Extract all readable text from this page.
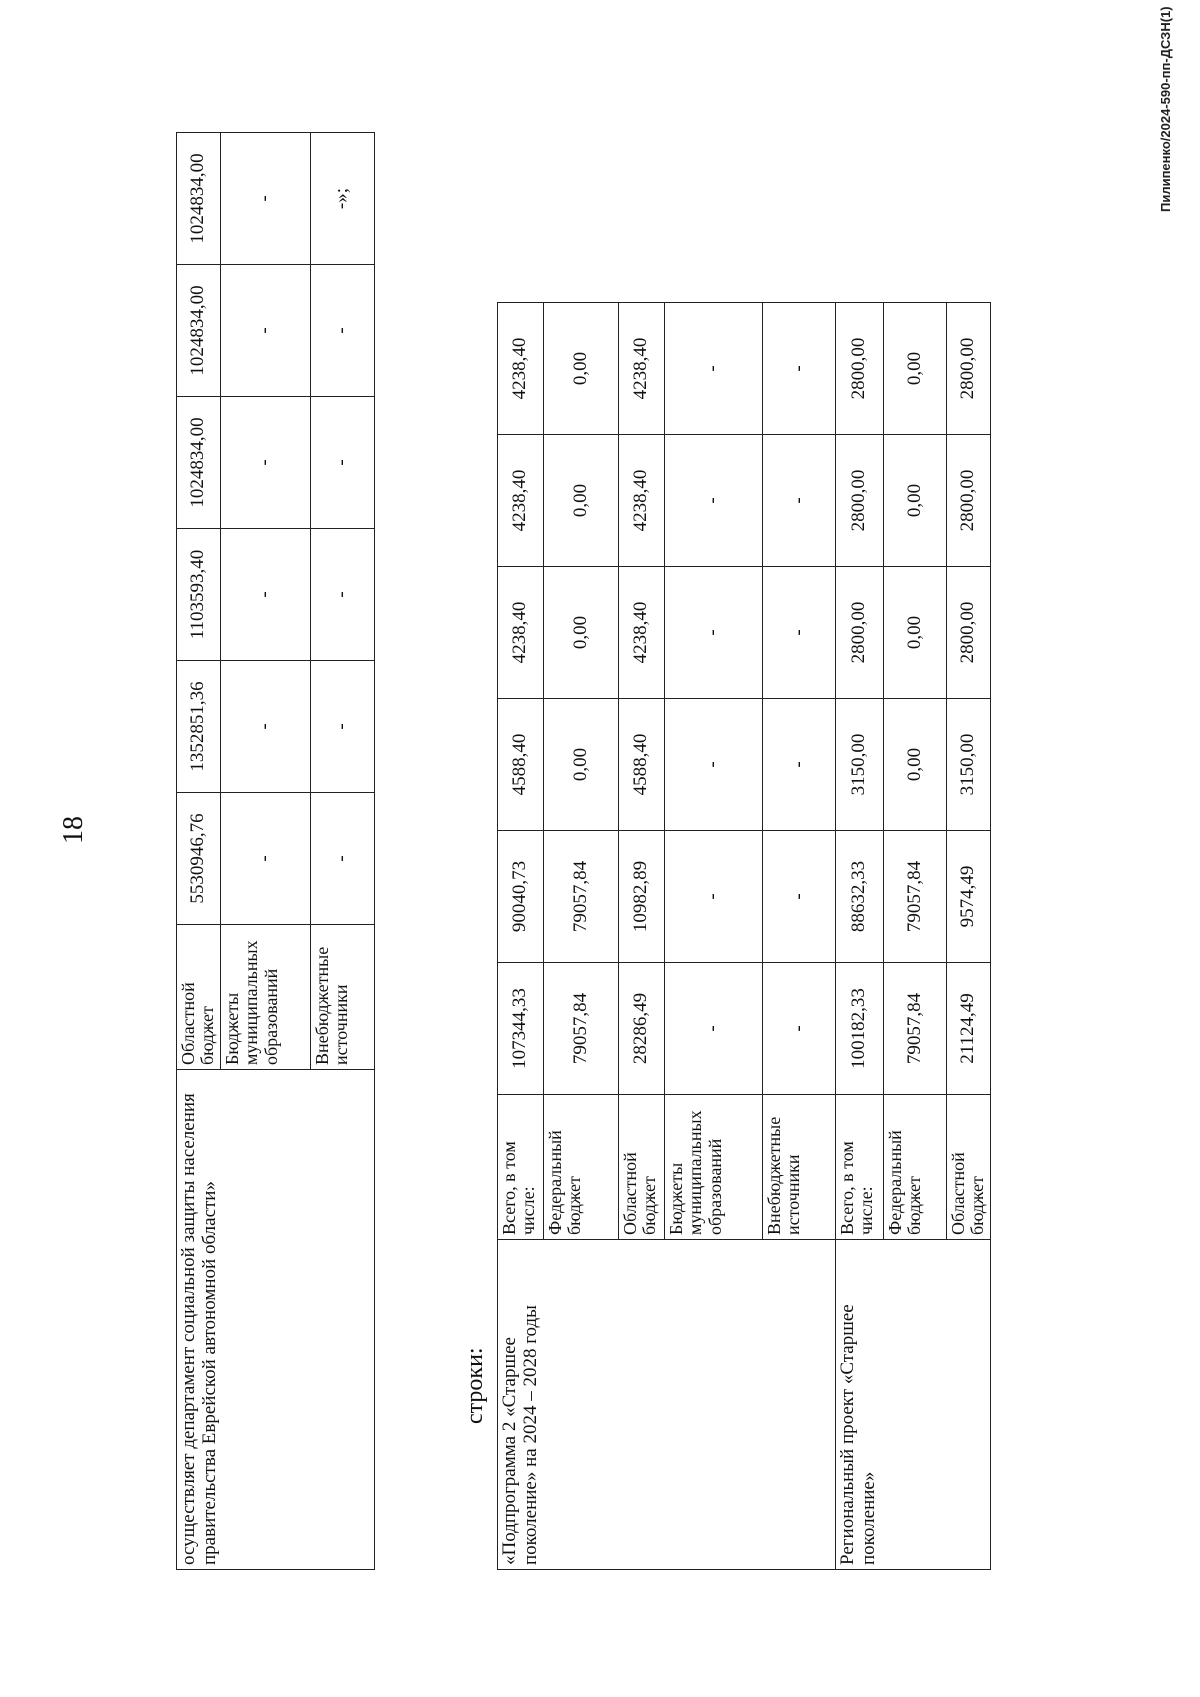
18
осуществляет департамент социальной защиты населения правительства Еврейской автономной области»	Областной бюджет	5530946,76	1352851,36	1103593,40	1024834,00	1024834,00	1024834,00
	Бюджеты муниципальных образований	-	-	-	-	-	-
	Внебюджетные источники	-	-	-	-	-	-»;
строки: «Подпрограмма 2 «Старшее поколение» на 2024 – 2028 годы	Всего, в том числе:	107344,33	90040,73	4588,40	4238,40	4238,40	4238,40
	Федеральный бюджет	79057,84	79057,84	0,00	0,00	0,00	0,00
	Областной бюджет	28286,49	10982,89	4588,40	4238,40	4238,40	4238,40
	Бюджеты муниципальных образований	-	-	-	-	-	-
	Внебюджетные источники	-	-	-	-	-	-
Региональный проект «Старшее поколение»	Всего, в том числе:	100182,33	88632,33	3150,00	2800,00	2800,00	2800,00
	Федеральный бюджет	79057,84	79057,84	0,00	0,00	0,00	0,00
	Областной бюджет	21124,49	9574,49	3150,00	2800,00	2800,00	2800,00
Пилипенко/2024-590-пп-ДСЗН(1)
